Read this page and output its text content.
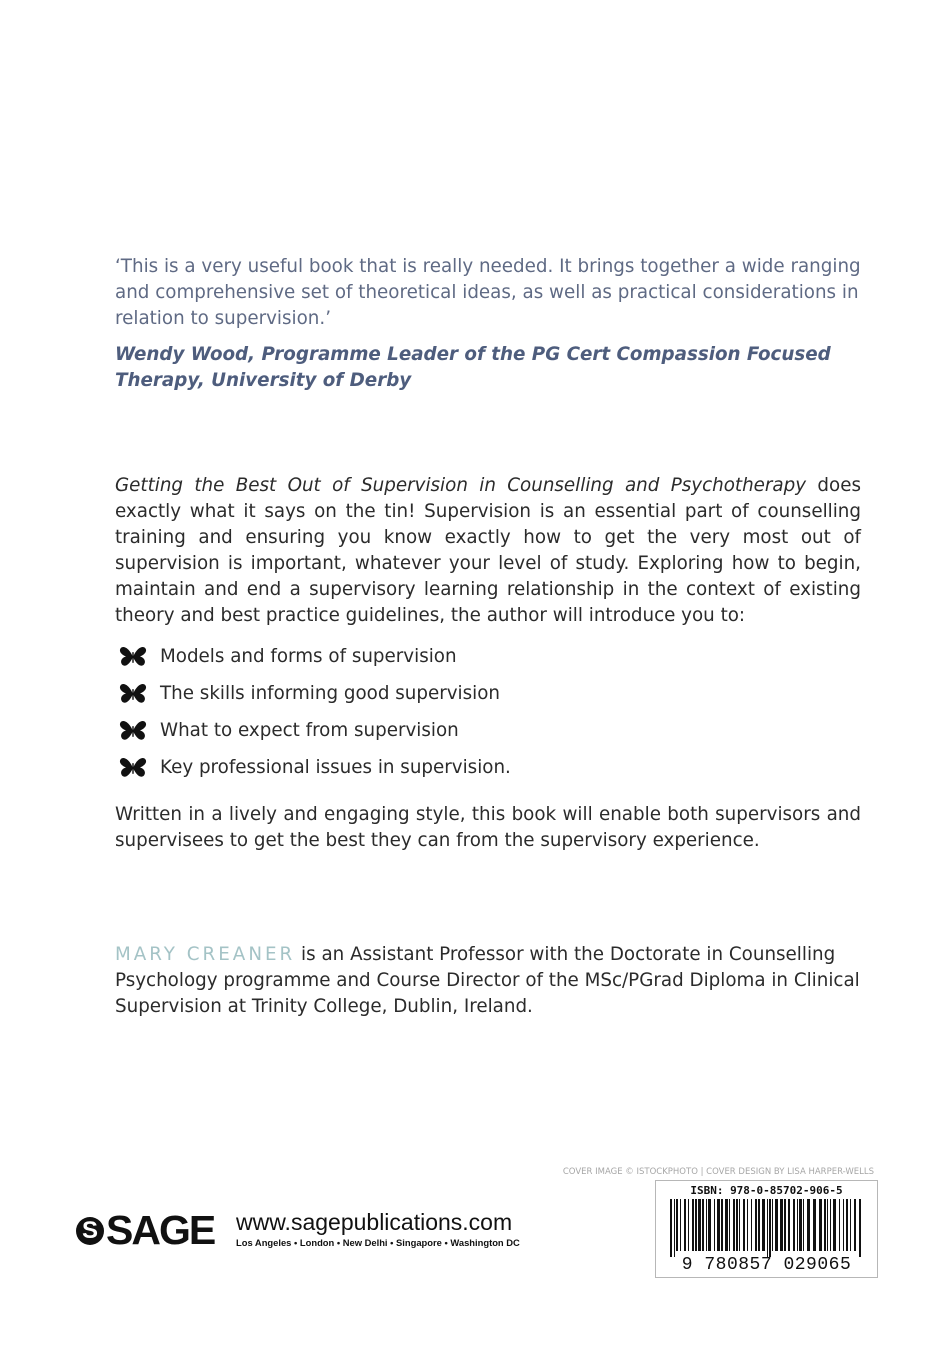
‘This is a very useful book that is really needed. It brings together a wide ranging and comprehensive set of theoretical ideas, as well as practical considerations in relation to supervision.’
Wendy Wood, Programme Leader of the PG Cert Compassion Focused Therapy, University of Derby
Getting the Best Out of Supervision in Counselling and Psychotherapy does exactly what it says on the tin! Supervision is an essential part of counselling training and ensuring you know exactly how to get the very most out of supervision is important, whatever your level of study. Exploring how to begin, maintain and end a supervisory learning relationship in the context of existing theory and best practice guidelines, the author will introduce you to:
Models and forms of supervision
The skills informing good supervision
What to expect from supervision
Key professional issues in supervision.
Written in a lively and engaging style, this book will enable both supervisors and supervisees to get the best they can from the supervisory experience.
MARY CREANER is an Assistant Professor with the Doctorate in Counselling Psychology programme and Course Director of the MSc/PGrad Diploma in Clinical Supervision at Trinity College, Dublin, Ireland.
COVER IMAGE © ISTOCKPHOTO | COVER DESIGN BY LISA HARPER-WELLS
ISBN: 978-0-85702-906-5
9 780857 029065
S SAGE www.sagepublications.com
Los Angeles • London • New Delhi • Singapore • Washington DC
